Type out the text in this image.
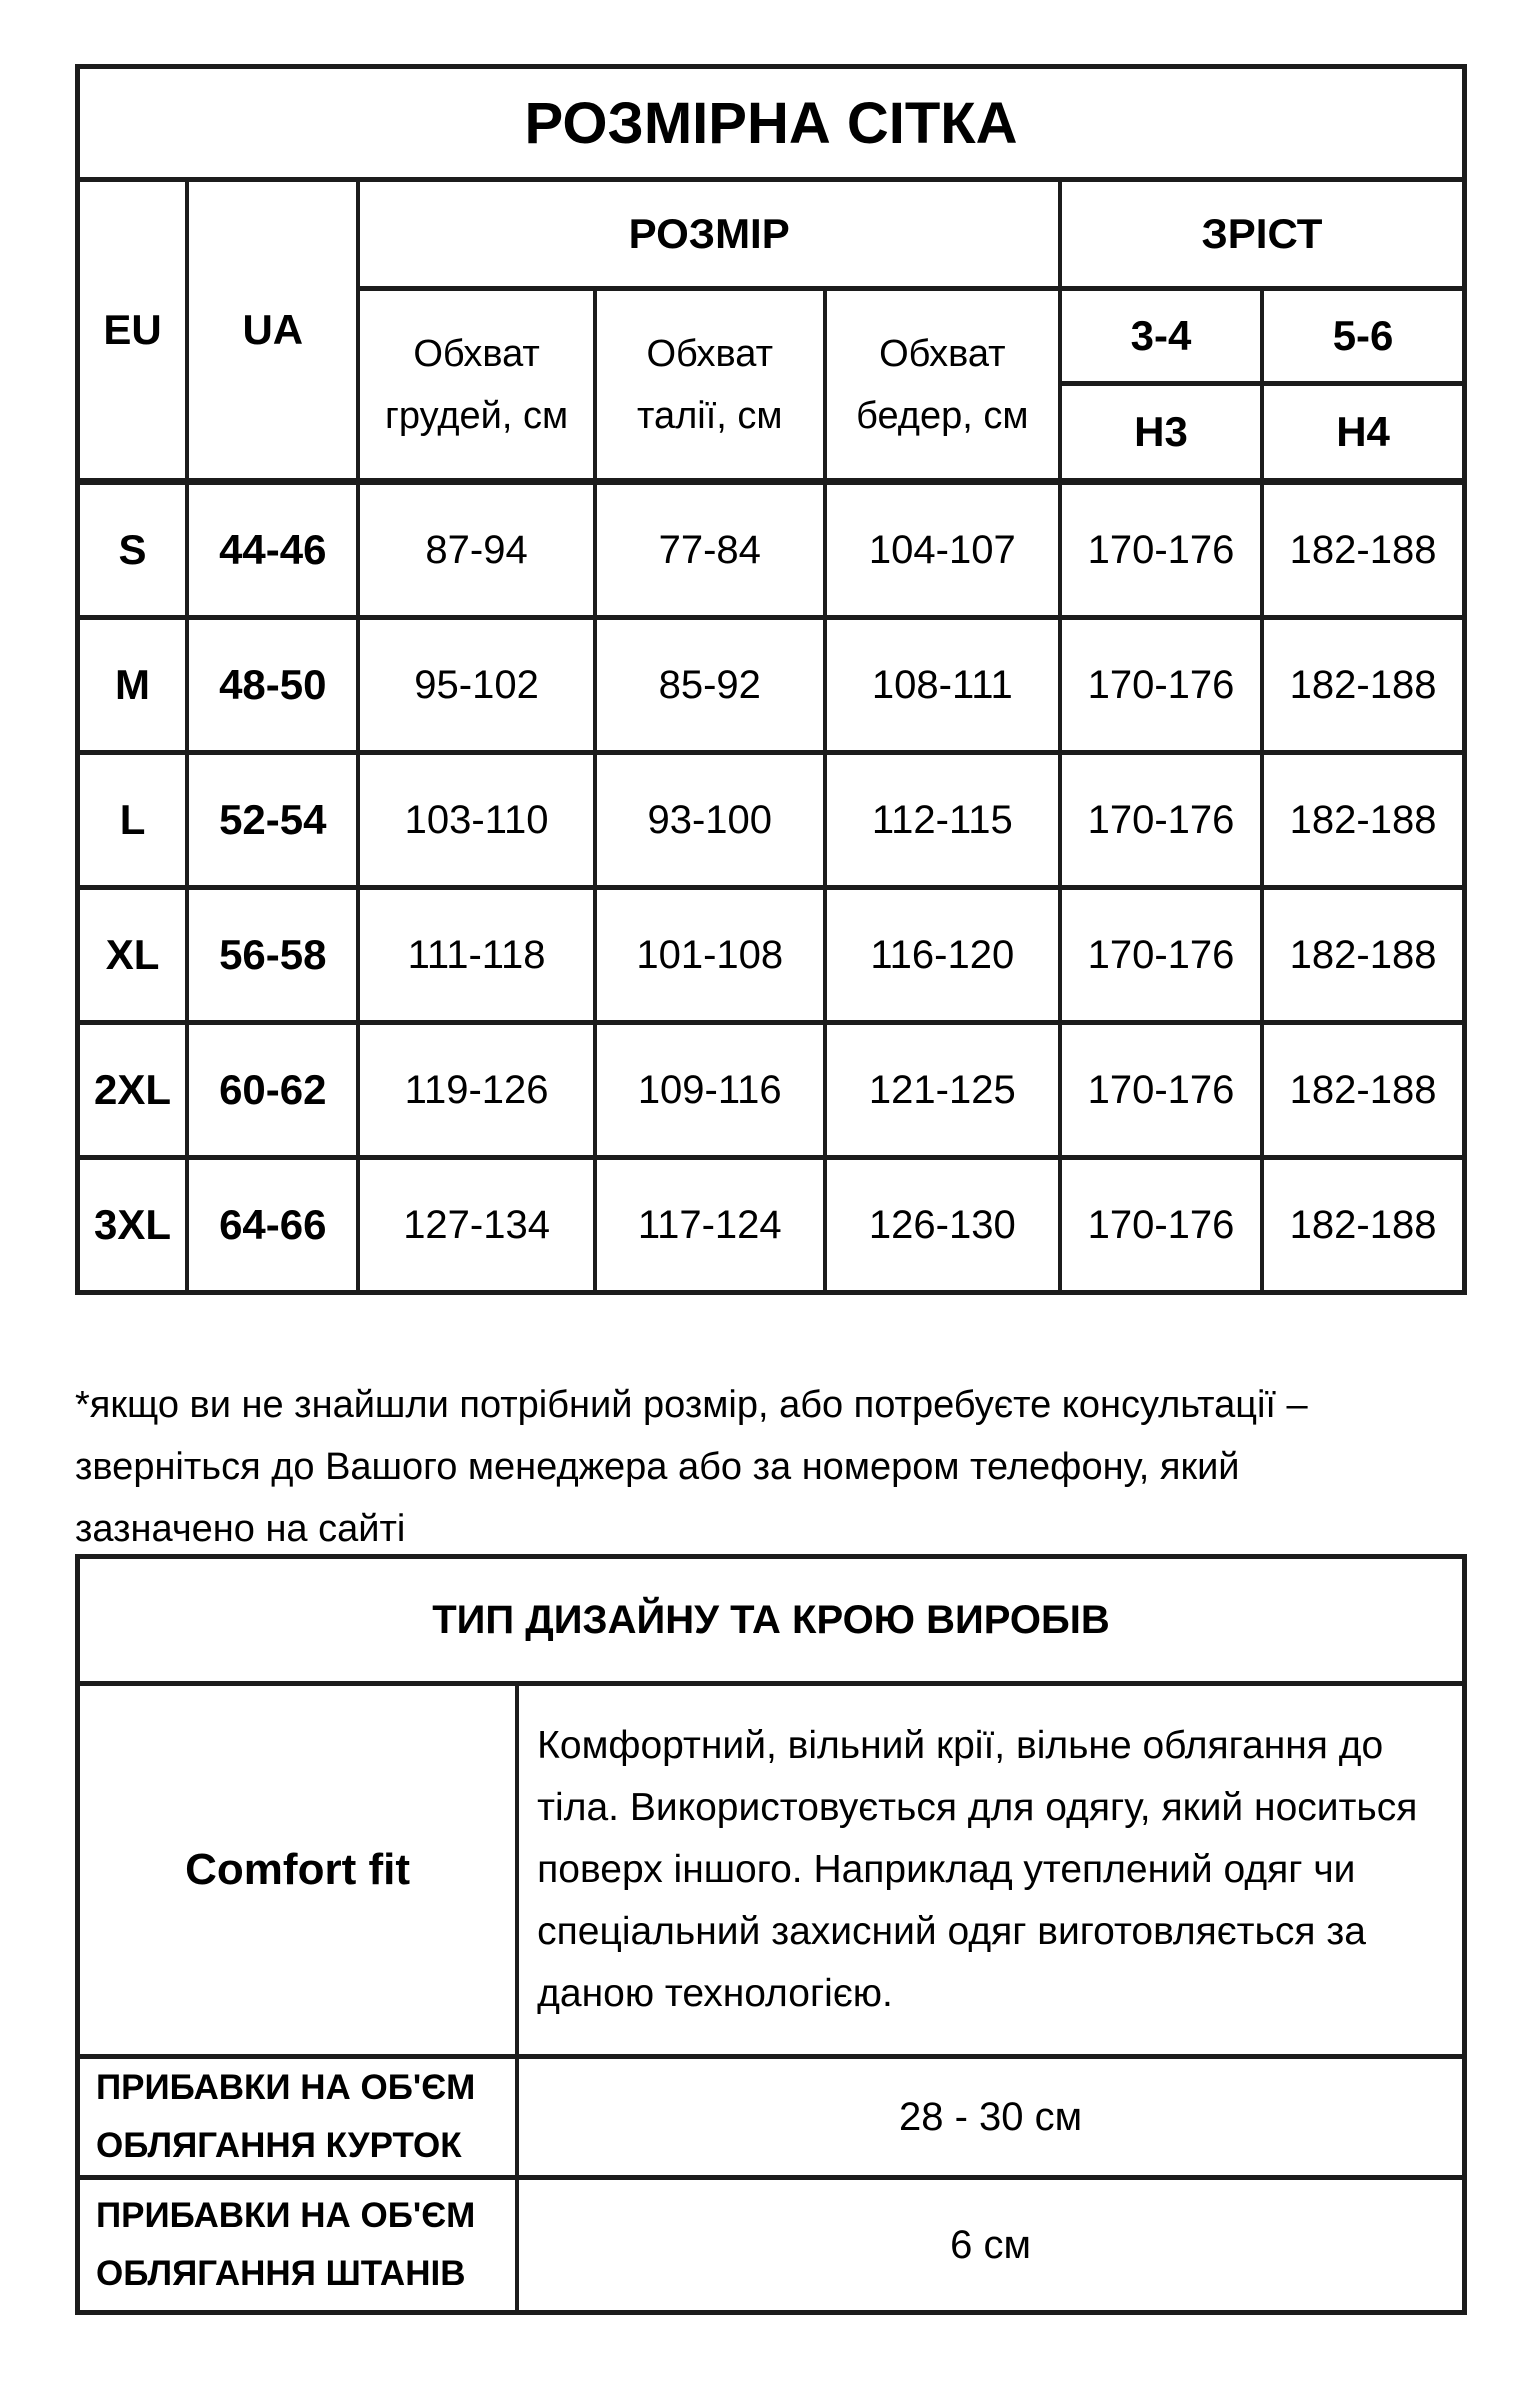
РОЗМІРНА СІТКА						
EU	UA	РОЗМІР			ЗРІСТ	
		Обхват грудей, см	Обхват талії, см	Обхват бедер, см	3-4	5-6
					Н3	Н4
S	44-46	87-94	77-84	104-107	170-176	182-188
M	48-50	95-102	85-92	108-111	170-176	182-188
L	52-54	103-110	93-100	112-115	170-176	182-188
XL	56-58	111-118	101-108	116-120	170-176	182-188
2XL	60-62	119-126	109-116	121-125	170-176	182-188
3XL	64-66	127-134	117-124	126-130	170-176	182-188
*якщо ви не знайшли потрібний розмір, або потребуєте консультації –
зверніться до Вашого менеджера або за номером телефону, який
зазначено на сайті
ТИП ДИЗАЙНУ ТА КРОЮ ВИРОБІВ	
Comfort fit	Комфортний, вільний крії, вільне облягання до
тіла. Використовується для одягу, який носиться
поверх іншого. Наприклад утеплений одяг чи
спеціальний захисний одяг виготовляється за
даною технологією.

ПРИБАВКИ НА ОБ'ЄМ ОБЛЯГАННЯ КУРТОК	28 - 30 см
ПРИБАВКИ НА ОБ'ЄМ ОБЛЯГАННЯ ШТАНІВ	6 см
